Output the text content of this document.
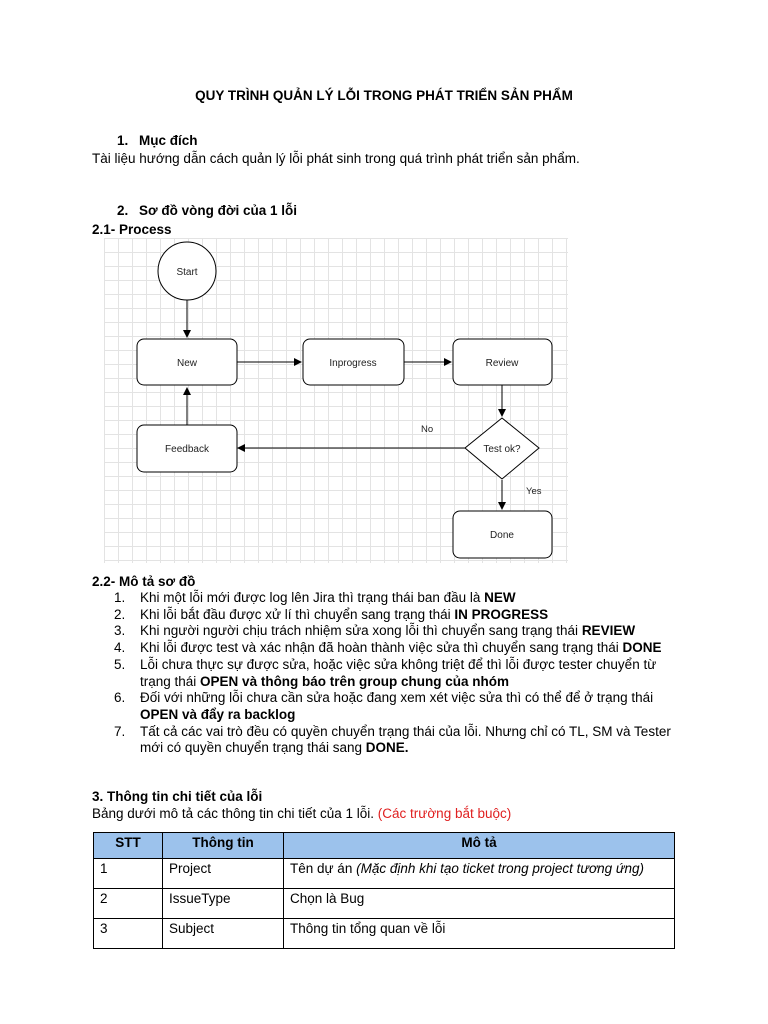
QUY TRÌNH QUẢN LÝ LỖI TRONG PHÁT TRIỂN SẢN PHẨM
1. Mục đích
Tài liệu hướng dẫn cách quản lý lỗi phát sinh trong quá trình phát triển sản phẩm.
2. Sơ đồ vòng đời của 1 lỗi
2.1- Process
Start
New	Inprogress	Review
Test ok?
Feedback
Done
No
Yes
2.2- Mô tả sơ đồ
1. Khi một lỗi mới được log lên Jira thì trạng thái ban đầu là NEW
2. Khi lỗi bắt đầu được xử lí thì chuyển sang trạng thái IN PROGRESS
3. Khi người người chịu trách nhiệm sửa xong lỗi thì chuyển sang trạng thái REVIEW
4. Khi lỗi được test và xác nhận đã hoàn thành việc sửa thì chuyển sang trạng thái DONE
5. Lỗi chưa thực sự được sửa, hoặc việc sửa không triệt để thì lỗi được tester chuyển từ trạng thái OPEN và thông báo trên group chung của nhóm
6. Đối với những lỗi chưa cần sửa hoặc đang xem xét việc sửa thì có thể để ở trạng thái OPEN và đẩy ra backlog
7. Tất cả các vai trò đều có quyền chuyển trạng thái của lỗi. Nhưng chỉ có TL, SM và Tester mới có quyền chuyển trạng thái sang DONE.
3. Thông tin chi tiết của lỗi
Bảng dưới mô tả các thông tin chi tiết của 1 lỗi. (Các trường bắt buộc)
STT	Thông tin	Mô tả
1	Project	Tên dự án (Mặc định khi tạo ticket trong project tương ứng)
2	IssueType	Chọn là Bug
3	Subject	Thông tin tổng quan về lỗi
